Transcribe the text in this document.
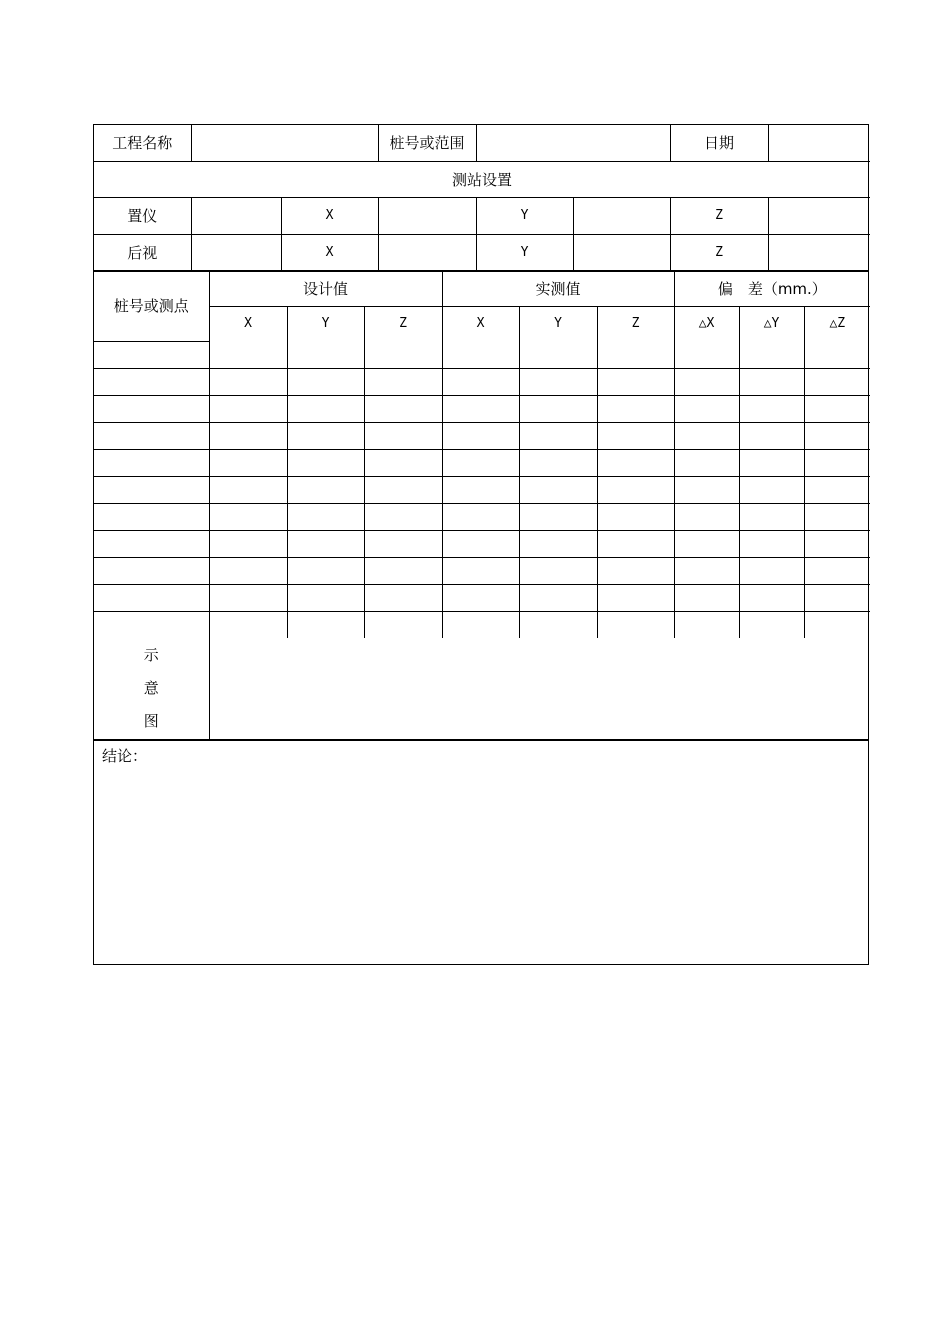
工程名称			桩号或范围			日期	
测站设置							
置仪		X		Y		Z	
后视		X		Y		Z	
桩号或测点	设计值			实测值			偏　差（mm.）		
	X	Y	Z	X	Y	Z	△X	△Y	△Z

示
意
图									

结论：
